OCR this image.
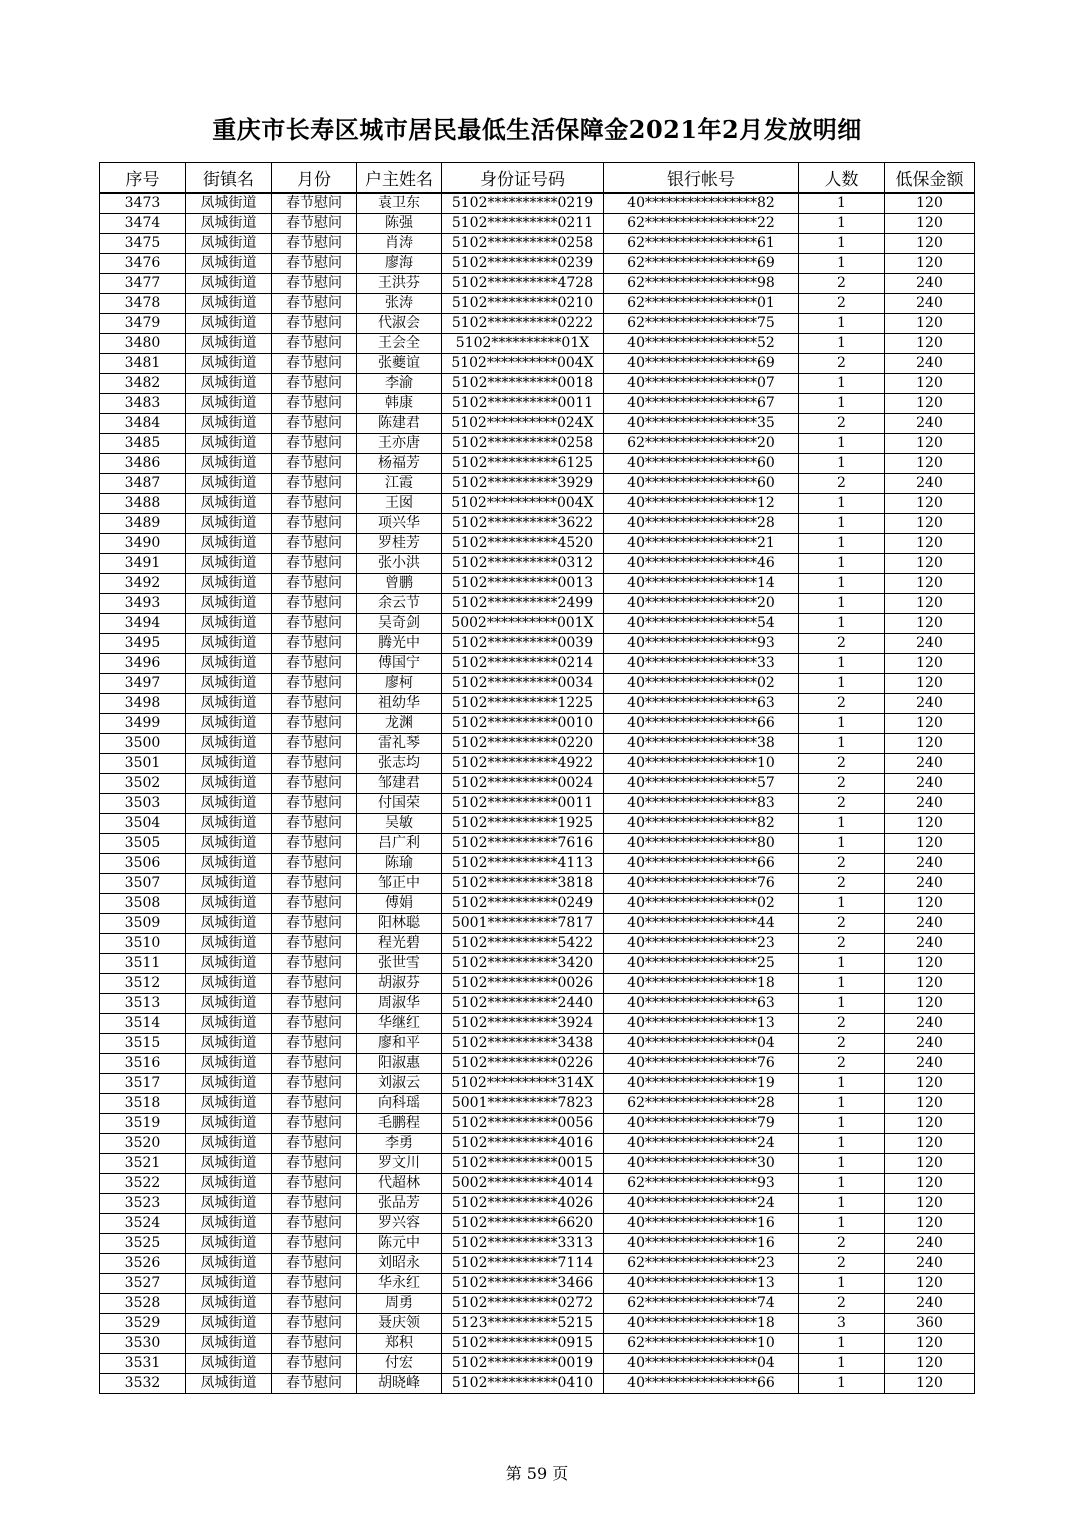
重庆市长寿区城市居民最低生活保障金2021年2月发放明细
序号	街镇名	月份	户主姓名	身份证号码	银行帐号	人数	低保金额
3473	凤城街道	春节慰问	袁卫东	5102**********0219	40****************82	1	120
3474	凤城街道	春节慰问	陈强	5102**********0211	62****************22	1	120
3475	凤城街道	春节慰问	肖涛	5102**********0258	62****************61	1	120
3476	凤城街道	春节慰问	廖海	5102**********0239	62****************69	1	120
3477	凤城街道	春节慰问	王洪芬	5102**********4728	62****************98	2	240
3478	凤城街道	春节慰问	张涛	5102**********0210	62****************01	2	240
3479	凤城街道	春节慰问	代淑会	5102**********0222	62****************75	1	120
3480	凤城街道	春节慰问	王会全	5102**********01X	40****************52	1	120
3481	凤城街道	春节慰问	张夔谊	5102**********004X	40****************69	2	240
3482	凤城街道	春节慰问	李渝	5102**********0018	40****************07	1	120
3483	凤城街道	春节慰问	韩康	5102**********0011	40****************67	1	120
3484	凤城街道	春节慰问	陈建君	5102**********024X	40****************35	2	240
3485	凤城街道	春节慰问	王亦唐	5102**********0258	62****************20	1	120
3486	凤城街道	春节慰问	杨福芳	5102**********6125	40****************60	1	120
3487	凤城街道	春节慰问	江霞	5102**********3929	40****************60	2	240
3488	凤城街道	春节慰问	王囡	5102**********004X	40****************12	1	120
3489	凤城街道	春节慰问	项兴华	5102**********3622	40****************28	1	120
3490	凤城街道	春节慰问	罗桂芳	5102**********4520	40****************21	1	120
3491	凤城街道	春节慰问	张小洪	5102**********0312	40****************46	1	120
3492	凤城街道	春节慰问	曾鹏	5102**********0013	40****************14	1	120
3493	凤城街道	春节慰问	余云节	5102**********2499	40****************20	1	120
3494	凤城街道	春节慰问	吴奇剑	5002**********001X	40****************54	1	120
3495	凤城街道	春节慰问	腾光中	5102**********0039	40****************93	2	240
3496	凤城街道	春节慰问	傅国宁	5102**********0214	40****************33	1	120
3497	凤城街道	春节慰问	廖柯	5102**********0034	40****************02	1	120
3498	凤城街道	春节慰问	祖幼华	5102**********1225	40****************63	2	240
3499	凤城街道	春节慰问	龙渊	5102**********0010	40****************66	1	120
3500	凤城街道	春节慰问	雷礼琴	5102**********0220	40****************38	1	120
3501	凤城街道	春节慰问	张志均	5102**********4922	40****************10	2	240
3502	凤城街道	春节慰问	邹建君	5102**********0024	40****************57	2	240
3503	凤城街道	春节慰问	付国荣	5102**********0011	40****************83	2	240
3504	凤城街道	春节慰问	吴敏	5102**********1925	40****************82	1	120
3505	凤城街道	春节慰问	吕广利	5102**********7616	40****************80	1	120
3506	凤城街道	春节慰问	陈瑜	5102**********4113	40****************66	2	240
3507	凤城街道	春节慰问	邹正中	5102**********3818	40****************76	2	240
3508	凤城街道	春节慰问	傅娟	5102**********0249	40****************02	1	120
3509	凤城街道	春节慰问	阳林聪	5001**********7817	40****************44	2	240
3510	凤城街道	春节慰问	程光碧	5102**********5422	40****************23	2	240
3511	凤城街道	春节慰问	张世雪	5102**********3420	40****************25	1	120
3512	凤城街道	春节慰问	胡淑芬	5102**********0026	40****************18	1	120
3513	凤城街道	春节慰问	周淑华	5102**********2440	40****************63	1	120
3514	凤城街道	春节慰问	华继红	5102**********3924	40****************13	2	240
3515	凤城街道	春节慰问	廖和平	5102**********3438	40****************04	2	240
3516	凤城街道	春节慰问	阳淑惠	5102**********0226	40****************76	2	240
3517	凤城街道	春节慰问	刘淑云	5102**********314X	40****************19	1	120
3518	凤城街道	春节慰问	向科瑶	5001**********7823	62****************28	1	120
3519	凤城街道	春节慰问	毛鹏程	5102**********0056	40****************79	1	120
3520	凤城街道	春节慰问	李勇	5102**********4016	40****************24	1	120
3521	凤城街道	春节慰问	罗文川	5102**********0015	40****************30	1	120
3522	凤城街道	春节慰问	代超林	5002**********4014	62****************93	1	120
3523	凤城街道	春节慰问	张品芳	5102**********4026	40****************24	1	120
3524	凤城街道	春节慰问	罗兴容	5102**********6620	40****************16	1	120
3525	凤城街道	春节慰问	陈元中	5102**********3313	40****************16	2	240
3526	凤城街道	春节慰问	刘昭永	5102**********7114	62****************23	2	240
3527	凤城街道	春节慰问	华永红	5102**********3466	40****************13	1	120
3528	凤城街道	春节慰问	周勇	5102**********0272	62****************74	2	240
3529	凤城街道	春节慰问	聂庆领	5123**********5215	40****************18	3	360
3530	凤城街道	春节慰问	郑积	5102**********0915	62****************10	1	120
3531	凤城街道	春节慰问	付宏	5102**********0019	40****************04	1	120
3532	凤城街道	春节慰问	胡晓峰	5102**********0410	40****************66	1	120
第 59 页
